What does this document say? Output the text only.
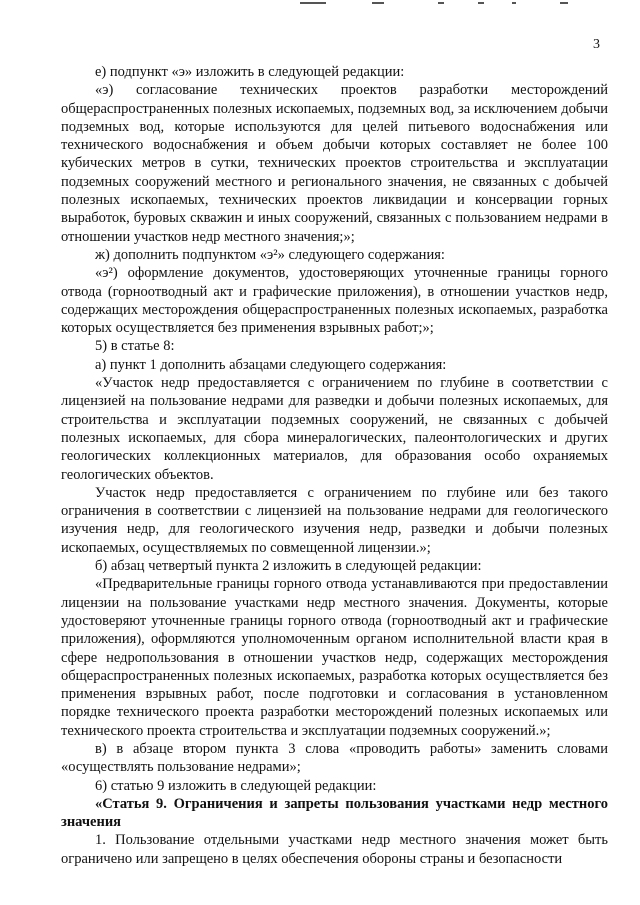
3

е) подпункт «э» изложить в следующей редакции:

«э) согласование технических проектов разработки месторождений общераспространенных полезных ископаемых, подземных вод, за исключением добычи подземных вод, которые используются для целей питьевого водоснабжения или технического водоснабжения и объем добычи которых составляет не более 100 кубических метров в сутки, технических проектов строительства и эксплуатации подземных сооружений местного и регионального значения, не связанных с добычей полезных ископаемых, технических проектов ликвидации и консервации горных выработок, буровых скважин и иных сооружений, связанных с пользованием недрами в отношении участков недр местного значения;»;

ж) дополнить подпунктом «э²» следующего содержания:

«э²) оформление документов, удостоверяющих уточненные границы горного отвода (горноотводный акт и графические приложения), в отношении участков недр, содержащих месторождения общераспространенных полезных ископаемых, разработка которых осуществляется без применения взрывных работ;»;

5) в статье 8:

а) пункт 1 дополнить абзацами следующего содержания:

«Участок недр предоставляется с ограничением по глубине в соответствии с лицензией на пользование недрами для разведки и добычи полезных ископаемых, для строительства и эксплуатации подземных сооружений, не связанных с добычей полезных ископаемых, для сбора минералогических, палеонтологических и других геологических коллекционных материалов, для образования особо охраняемых геологических объектов.

Участок недр предоставляется с ограничением по глубине или без такого ограничения в соответствии с лицензией на пользование недрами для геологического изучения недр, для геологического изучения недр, разведки и добычи полезных ископаемых, осуществляемых по совмещенной лицензии.»;

б) абзац четвертый пункта 2 изложить в следующей редакции:

«Предварительные границы горного отвода устанавливаются при предоставлении лицензии на пользование участками недр местного значения. Документы, которые удостоверяют уточненные границы горного отвода (горноотводный акт и графические приложения), оформляются уполномоченным органом исполнительной власти края в сфере недропользования в отношении участков недр, содержащих месторождения общераспространенных полезных ископаемых, разработка которых осуществляется без применения взрывных работ, после подготовки и согласования в установленном порядке технического проекта разработки месторождений полезных ископаемых или технического проекта строительства и эксплуатации подземных сооружений.»;

в) в абзаце втором пункта 3 слова «проводить работы» заменить словами «осуществлять пользование недрами»;

6) статью 9 изложить в следующей редакции:

«Статья 9. Ограничения и запреты пользования участками недр местного значения

1. Пользование отдельными участками недр местного значения может быть ограничено или запрещено в целях обеспечения обороны страны и безопасности
